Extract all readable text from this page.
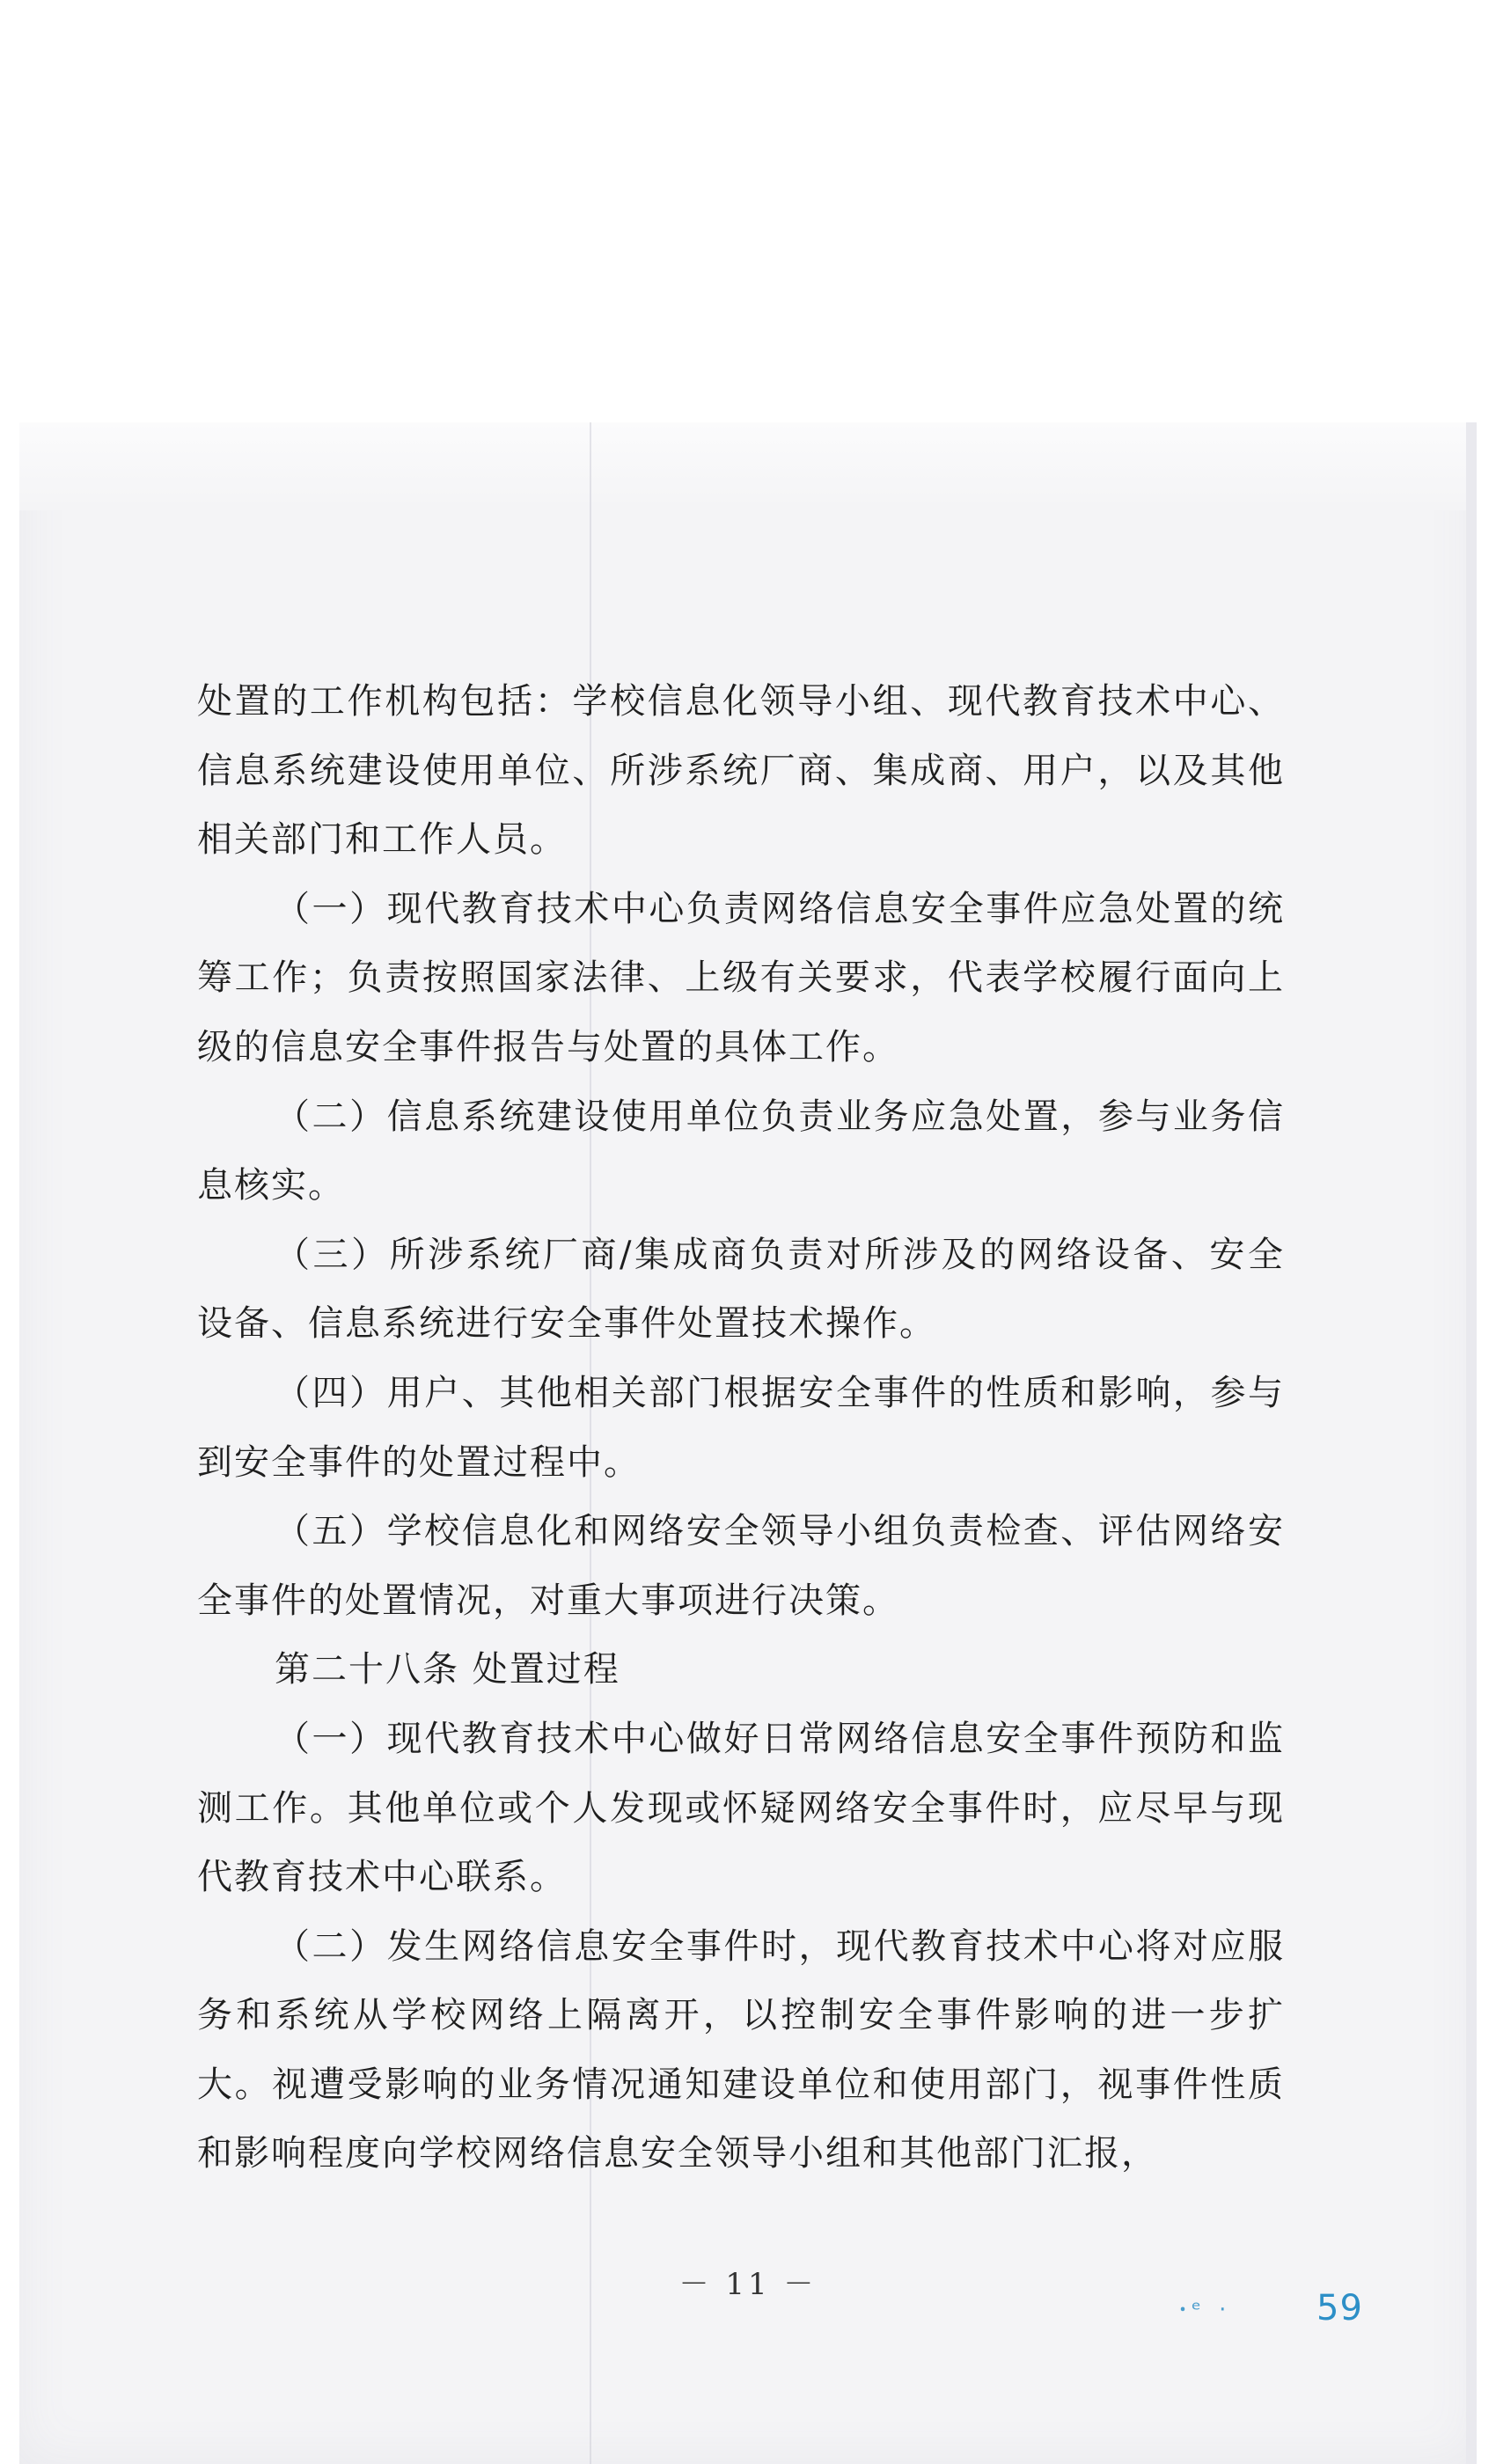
处置的工作机构包括：学校信息化领导小组、现代教育技术中心、信息系统建设使用单位、所涉系统厂商、集成商、用户，以及其他相关部门和工作人员。

（一）现代教育技术中心负责网络信息安全事件应急处置的统筹工作；负责按照国家法律、上级有关要求，代表学校履行面向上级的信息安全事件报告与处置的具体工作。

（二）信息系统建设使用单位负责业务应急处置，参与业务信息核实。

（三）所涉系统厂商/集成商负责对所涉及的网络设备、安全设备、信息系统进行安全事件处置技术操作。

（四）用户、其他相关部门根据安全事件的性质和影响，参与到安全事件的处置过程中。

（五）学校信息化和网络安全领导小组负责检查、评估网络安全事件的处置情况，对重大事项进行决策。

第二十八条 处置过程

（一）现代教育技术中心做好日常网络信息安全事件预防和监测工作。其他单位或个人发现或怀疑网络安全事件时，应尽早与现代教育技术中心联系。

（二）发生网络信息安全事件时，现代教育技术中心将对应服务和系统从学校网络上隔离开，以控制安全事件影响的进一步扩大。视遭受影响的业务情况通知建设单位和使用部门，视事件性质和影响程度向学校网络信息安全领导小组和其他部门汇报，

－ 11 －
ꞏᵉ · 59
